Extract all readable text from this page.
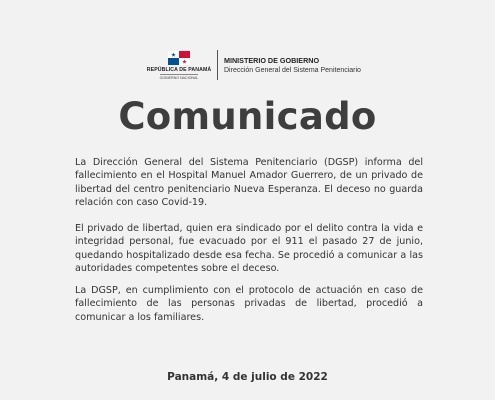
REPÚBLICA DE PANAMÁ
GOBIERNO NACIONAL
MINISTERIO DE GOBIERNO
Dirección General del Sistema Penitenciario
Comunicado

La Dirección General del Sistema Penitenciario (DGSP) informa del fallecimiento en el Hospital Manuel Amador Guerrero, de un privado de libertad del centro penitenciario Nueva Esperanza. El deceso no guarda relación con caso Covid-19.

El privado de libertad, quien era sindicado por el delito contra la vida e integridad personal, fue evacuado por el 911 el pasado 27 de junio, quedando hospitalizado desde esa fecha. Se procedió a comunicar a las autoridades competentes sobre el deceso.

La DGSP, en cumplimiento con el protocolo de actuación en caso de fallecimiento de las personas privadas de libertad, procedió a comunicar a los familiares.

Panamá, 4 de julio de 2022
